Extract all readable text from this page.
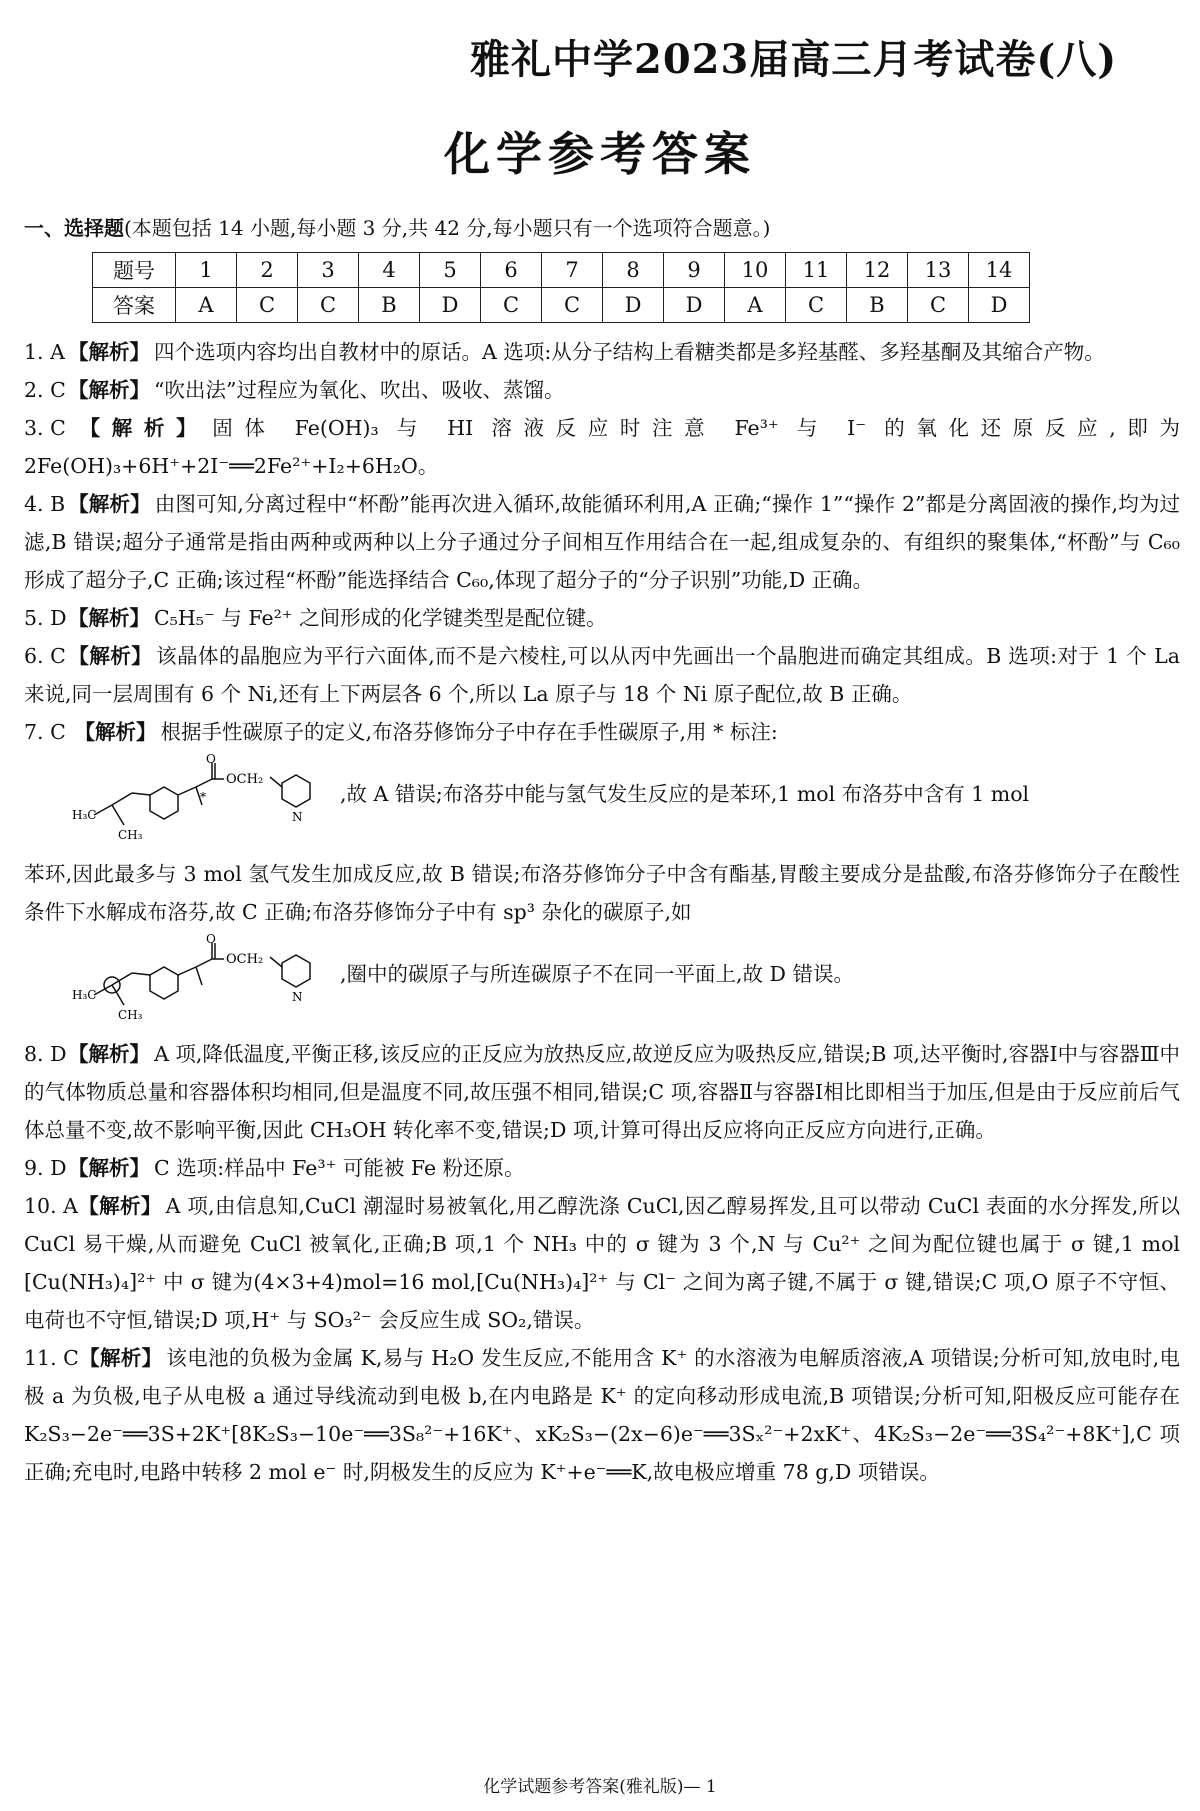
雅礼中学2023届高三月考试卷(八)
化学参考答案
一、选择题(本题包括 14 小题,每小题 3 分,共 42 分,每小题只有一个选项符合题意。)
题号	1	2	3	4	5	6	7	8	9	10	11	12	13	14
答案	A	C	C	B	D	C	C	D	D	A	C	B	C	D
1. A 【解析】 四个选项内容均出自教材中的原话。A 选项:从分子结构上看糖类都是多羟基醛、多羟基酮及其缩合产物。
2. C 【解析】 “吹出法”过程应为氧化、吹出、吸收、蒸馏。
3. C 【解析】 固体 Fe(OH)₃ 与 HI 溶液反应时注意 Fe³⁺ 与 I⁻ 的氧化还原反应,即为 2Fe(OH)₃+6H⁺+2I⁻══2Fe²⁺+I₂+6H₂O。
4. B 【解析】 由图可知,分离过程中“杯酚”能再次进入循环,故能循环利用,A 正确;“操作 1”“操作 2”都是分离固液的操作,均为过滤,B 错误;超分子通常是指由两种或两种以上分子通过分子间相互作用结合在一起,组成复杂的、有组织的聚集体,“杯酚”与 C₆₀ 形成了超分子,C 正确;该过程“杯酚”能选择结合 C₆₀,体现了超分子的“分子识别”功能,D 正确。
5. D【解析】 C₅H₅⁻ 与 Fe²⁺ 之间形成的化学键类型是配位键。
6. C 【解析】 该晶体的晶胞应为平行六面体,而不是六棱柱,可以从丙中先画出一个晶胞进而确定其组成。B 选项:对于 1 个 La 来说,同一层周围有 6 个 Ni,还有上下两层各 6 个,所以 La 原子与 18 个 Ni 原子配位,故 B 正确。
7. C 【解析】 根据手性碳原子的定义,布洛芬修饰分子中存在手性碳原子,用 * 标注:
H₃C
CH₃
O
OCH₂
N
*	,故 A 错误;布洛芬中能与氢气发生反应的是苯环,1 mol 布洛芬中含有 1 mol
苯环,因此最多与 3 mol 氢气发生加成反应,故 B 错误;布洛芬修饰分子中含有酯基,胃酸主要成分是盐酸,布洛芬修饰分子在酸性条件下水解成布洛芬,故 C 正确;布洛芬修饰分子中有 sp³ 杂化的碳原子,如
H₃C
CH₃
O
OCH₂
N
,圈中的碳原子与所连碳原子不在同一平面上,故 D 错误。
8. D【解析】 A 项,降低温度,平衡正移,该反应的正反应为放热反应,故逆反应为吸热反应,错误;B 项,达平衡时,容器Ⅰ中与容器Ⅲ中的气体物质总量和容器体积均相同,但是温度不同,故压强不相同,错误;C 项,容器Ⅱ与容器Ⅰ相比即相当于加压,但是由于反应前后气体总量不变,故不影响平衡,因此 CH₃OH 转化率不变,错误;D 项,计算可得出反应将向正反应方向进行,正确。
9. D【解析】 C 选项:样品中 Fe³⁺ 可能被 Fe 粉还原。
10. A【解析】 A 项,由信息知,CuCl 潮湿时易被氧化,用乙醇洗涤 CuCl,因乙醇易挥发,且可以带动 CuCl 表面的水分挥发,所以 CuCl 易干燥,从而避免 CuCl 被氧化,正确;B 项,1 个 NH₃ 中的 σ 键为 3 个,N 与 Cu²⁺ 之间为配位键也属于 σ 键,1 mol [Cu(NH₃)₄]²⁺ 中 σ 键为(4×3+4)mol=16 mol,[Cu(NH₃)₄]²⁺ 与 Cl⁻ 之间为离子键,不属于 σ 键,错误;C 项,O 原子不守恒、电荷也不守恒,错误;D 项,H⁺ 与 SO₃²⁻ 会反应生成 SO₂,错误。
11. C【解析】 该电池的负极为金属 K,易与 H₂O 发生反应,不能用含 K⁺ 的水溶液为电解质溶液,A 项错误;分析可知,放电时,电极 a 为负极,电子从电极 a 通过导线流动到电极 b,在内电路是 K⁺ 的定向移动形成电流,B 项错误;分析可知,阳极反应可能存在 K₂S₃−2e⁻══3S+2K⁺[8K₂S₃−10e⁻══3S₈²⁻+16K⁺、xK₂S₃−(2x−6)e⁻══3Sₓ²⁻+2xK⁺、4K₂S₃−2e⁻══3S₄²⁻+8K⁺],C 项正确;充电时,电路中转移 2 mol e⁻ 时,阴极发生的反应为 K⁺+e⁻══K,故电极应增重 78 g,D 项错误。
化学试题参考答案(雅礼版)— 1
